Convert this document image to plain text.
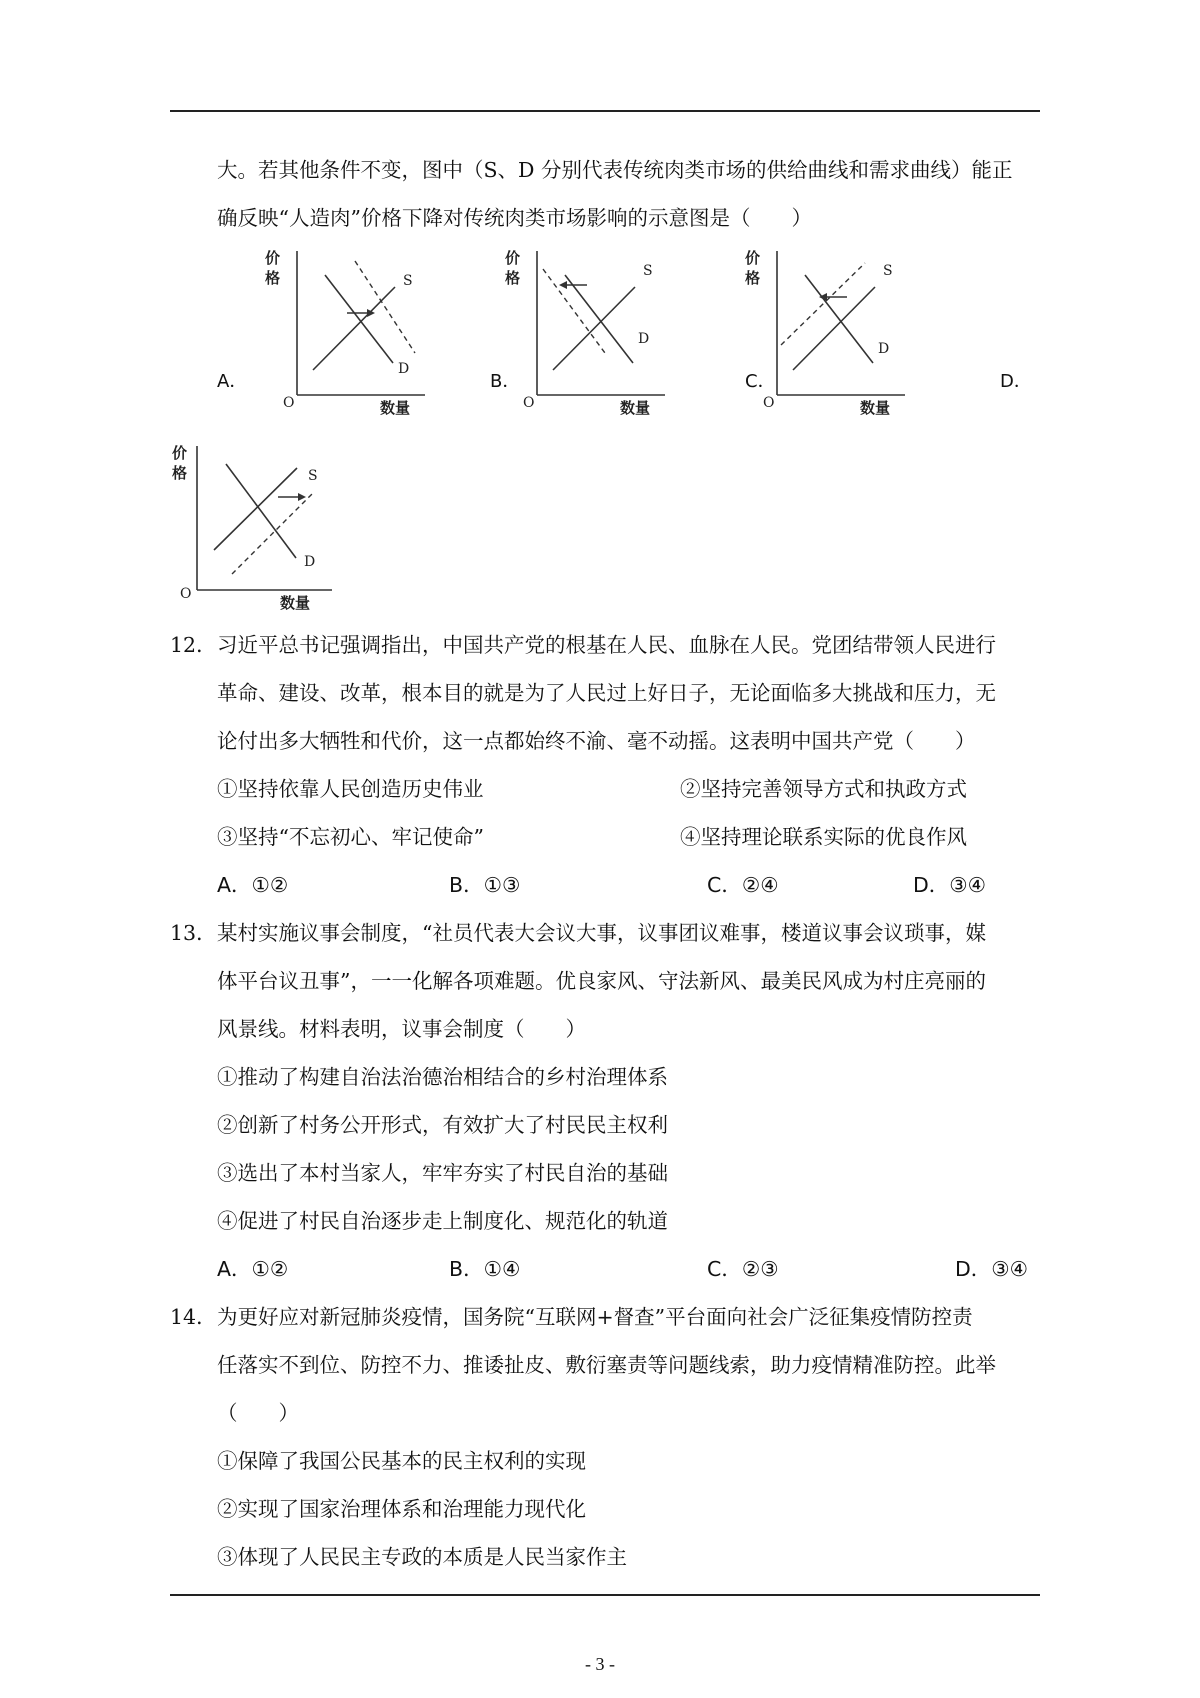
大。若其他条件不变，图中（S、D 分别代表传统肉类市场的供给曲线和需求曲线）能正
确反映“人造肉”价格下降对传统肉类市场影响的示意图是（　　）
价
格
O	数量
S
D
A．
价
格
O	数量
S
D
B．
价
格
O	数量
S
D
C．	D．
价
格
O	数量
S
D
12． 习近平总书记强调指出，中国共产党的根基在人民、血脉在人民。党团结带领人民进行
革命、建设、改革，根本目的就是为了人民过上好日子，无论面临多大挑战和压力，无
论付出多大牺牲和代价，这一点都始终不渝、毫不动摇。这表明中国共产党（　　）
①坚持依靠人民创造历史伟业	②坚持完善领导方式和执政方式
③坚持“不忘初心、牢记使命”	④坚持理论联系实际的优良作风
A．①②	B．①③	C．②④	D．③④
13． 某村实施议事会制度，“社员代表大会议大事，议事团议难事，楼道议事会议琐事，媒
体平台议丑事”，一一化解各项难题。优良家风、守法新风、最美民风成为村庄亮丽的
风景线。材料表明，议事会制度（　　）
①推动了构建自治法治德治相结合的乡村治理体系
②创新了村务公开形式，有效扩大了村民民主权利
③选出了本村当家人，牢牢夯实了村民自治的基础
④促进了村民自治逐步走上制度化、规范化的轨道
A．①②	B．①④	C．②③	D．③④
14． 为更好应对新冠肺炎疫情，国务院“互联网+督查”平台面向社会广泛征集疫情防控责
任落实不到位、防控不力、推诿扯皮、敷衍塞责等问题线索，助力疫情精准防控。此举
（　　）
①保障了我国公民基本的民主权利的实现
②实现了国家治理体系和治理能力现代化
③体现了人民民主专政的本质是人民当家作主
- 3 -
